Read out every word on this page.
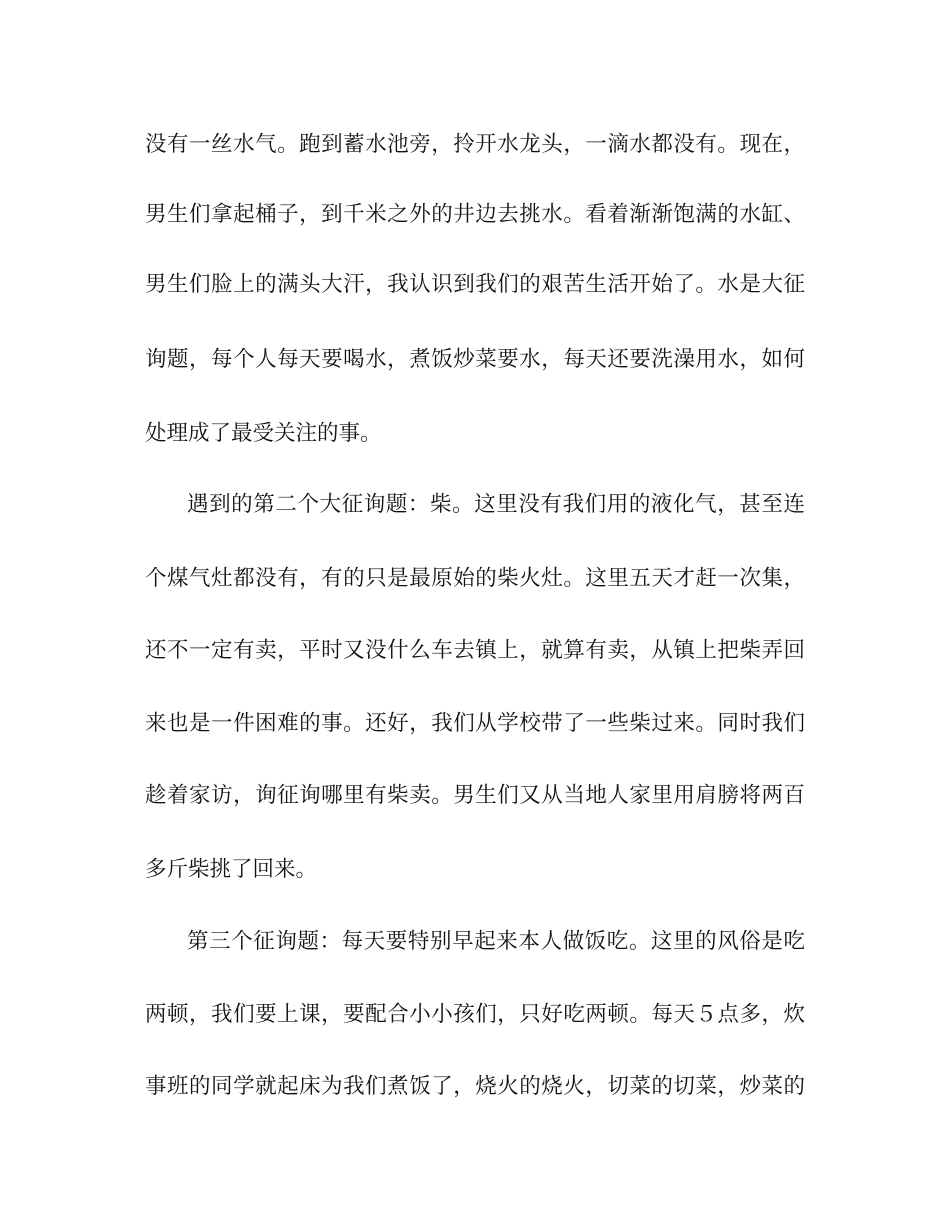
没有一丝水气。跑到蓄水池旁，拎开水龙头，一滴水都没有。现在，
男生们拿起桶子，到千米之外的井边去挑水。看着渐渐饱满的水缸、
男生们脸上的满头大汗，我认识到我们的艰苦生活开始了。水是大征
询题，每个人每天要喝水，煮饭炒菜要水，每天还要洗澡用水，如何
处理成了最受关注的事。
遇到的第二个大征询题：柴。这里没有我们用的液化气，甚至连
个煤气灶都没有，有的只是最原始的柴火灶。这里五天才赶一次集，
还不一定有卖，平时又没什么车去镇上，就算有卖，从镇上把柴弄回
来也是一件困难的事。还好，我们从学校带了一些柴过来。同时我们
趁着家访，询征询哪里有柴卖。男生们又从当地人家里用肩膀将两百
多斤柴挑了回来。
第三个征询题：每天要特别早起来本人做饭吃。这里的风俗是吃
两顿，我们要上课，要配合小小孩们，只好吃两顿。每天５点多，炊
事班的同学就起床为我们煮饭了，烧火的烧火，切菜的切菜，炒菜的
